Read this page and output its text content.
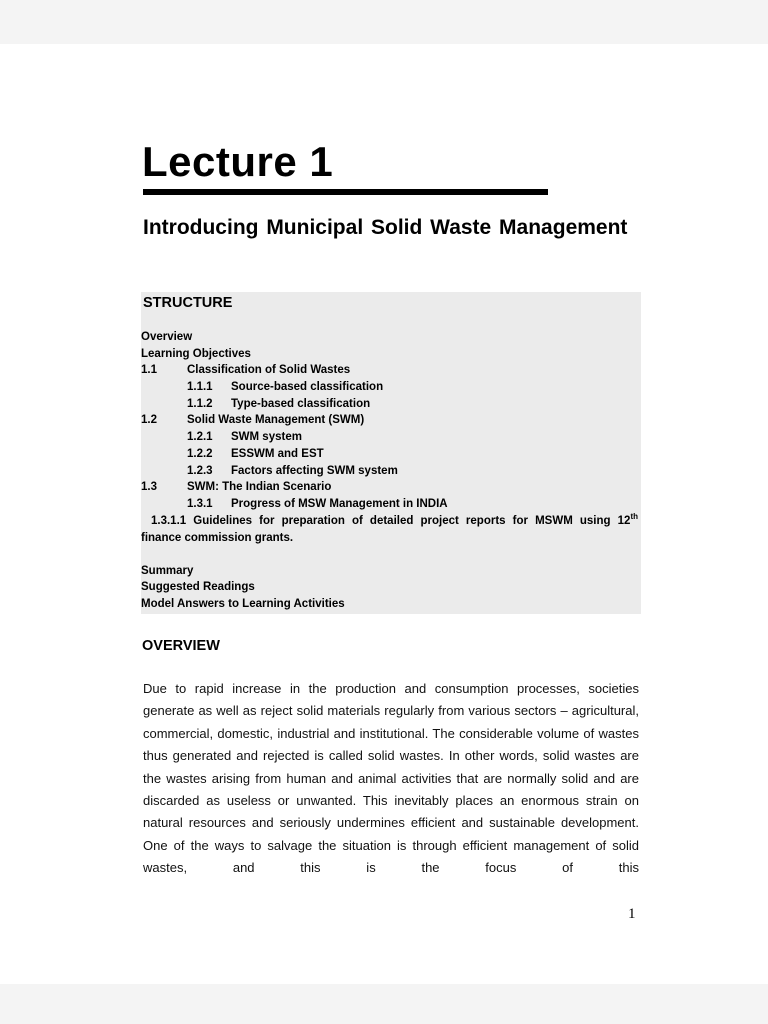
Lecture 1
Introducing Municipal Solid Waste Management
STRUCTURE
Overview
Learning Objectives
1.1	Classification of Solid Wastes
1.1.1 Source-based classification
1.1.2 Type-based classification
1.2	Solid Waste Management (SWM)
1.2.1 SWM system
1.2.2 ESSWM and EST
1.2.3 Factors affecting SWM system
1.3	SWM: The Indian Scenario
1.3.1 Progress of MSW Management in INDIA
1.3.1.1 Guidelines for preparation of detailed project reports for MSWM using 12th finance commission grants.
Summary
Suggested Readings
Model Answers to Learning Activities
OVERVIEW

Due to rapid increase in the production and consumption processes, societies generate as well as reject solid materials regularly from various sectors – agricultural, commercial, domestic, industrial and institutional. The considerable volume of wastes thus generated and rejected is called solid wastes. In other words, solid wastes are the wastes arising from human and animal activities that are normally solid and are discarded as useless or unwanted. This inevitably places an enormous strain on natural resources and seriously undermines efficient and sustainable development. One of the ways to salvage the situation is through efficient management of solid wastes, and this is the focus of this

1
